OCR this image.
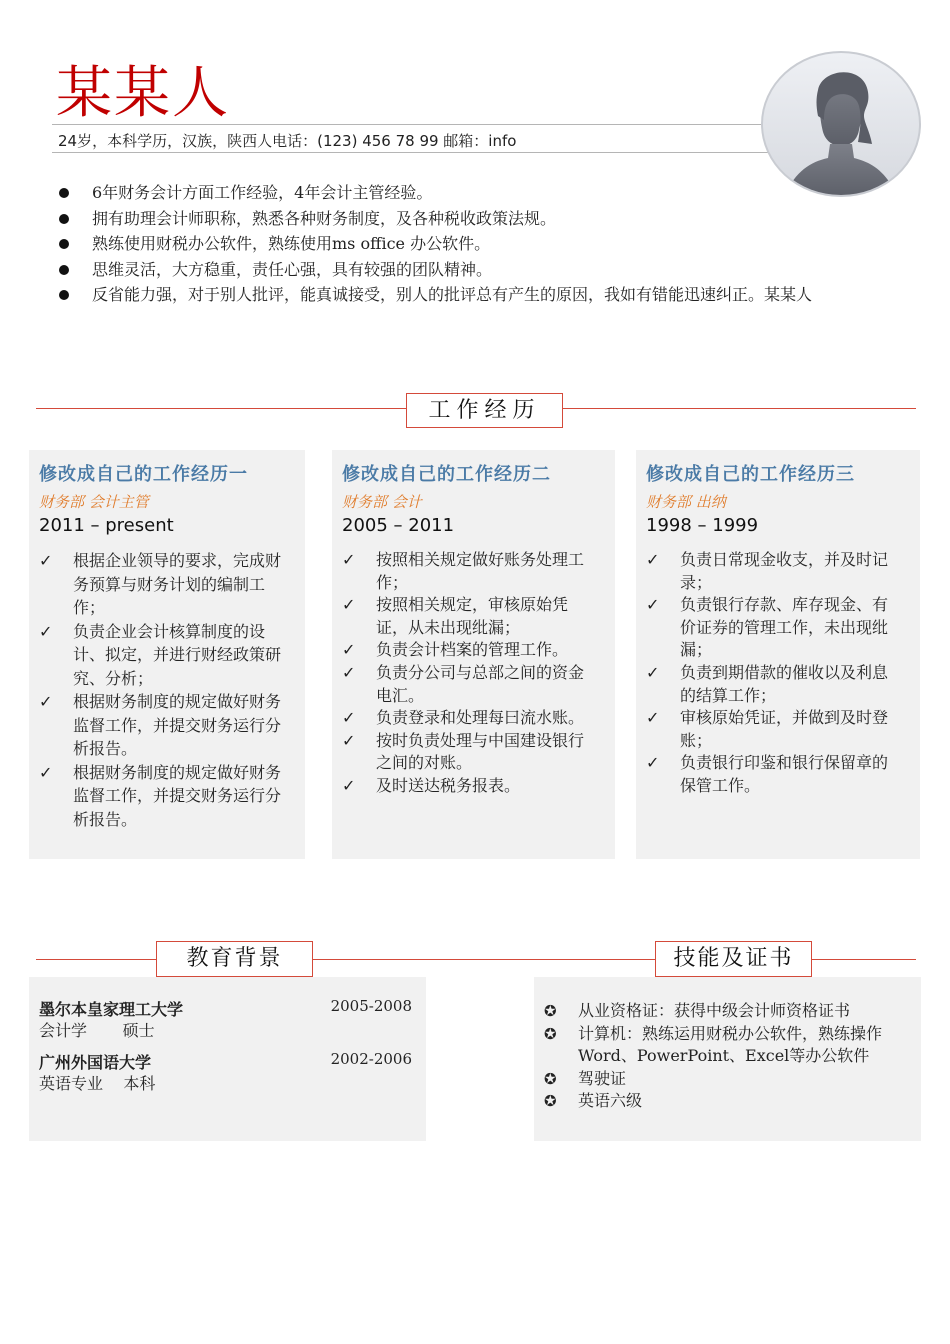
某某人
24岁，本科学历，汉族，陕西人电话：(123) 456 78 99 邮箱：info
6年财务会计方面工作经验，4年会计主管经验。
拥有助理会计师职称，熟悉各种财务制度，及各种税收政策法规。
熟练使用财税办公软件，熟练使用ms office 办公软件。
思维灵活，大方稳重，责任心强，具有较强的团队精神。
反省能力强，对于别人批评，能真诚接受，别人的批评总有产生的原因，我如有错能迅速纠正。某某人
工作经历
修改成自己的工作经历一
财务部 会计主管
2011 – present
✓ 根据企业领导的要求，完成财务预算与财务计划的编制工作；
✓ 负责企业会计核算制度的设计、拟定，并进行财经政策研究、分析；
✓ 根据财务制度的规定做好财务监督工作，并提交财务运行分析报告。
✓ 根据财务制度的规定做好财务监督工作，并提交财务运行分析报告。
修改成自己的工作经历二
财务部 会计
2005 – 2011
✓ 按照相关规定做好账务处理工作；
✓ 按照相关规定，审核原始凭证，从未出现纰漏；
✓ 负责会计档案的管理工作。
✓ 负责分公司与总部之间的资金电汇。
✓ 负责登录和处理每曰流水账。
✓ 按时负责处理与中国建设银行之间的对账。
✓ 及时送达税务报表。
修改成自己的工作经历三
财务部 出纳
1998 – 1999
✓ 负责日常现金收支，并及时记录；
✓ 负责银行存款、库存现金、有价证券的管理工作，未出现纰漏；
✓ 负责到期借款的催收以及利息的结算工作；
✓ 审核原始凭证，并做到及时登账；
✓ 负责银行印鉴和银行保留章的保管工作。
教育背景	技能及证书
墨尔本皇家理工大学	2005-2008
会计学       硕士
广州外国语大学	2002-2006
英语专业    本科
✪ 从业资格证：获得中级会计师资格证书
✪ 计算机：熟练运用财税办公软件，熟练操作Word、PowerPoint、Excel等办公软件
✪ 驾驶证
✪ 英语六级
